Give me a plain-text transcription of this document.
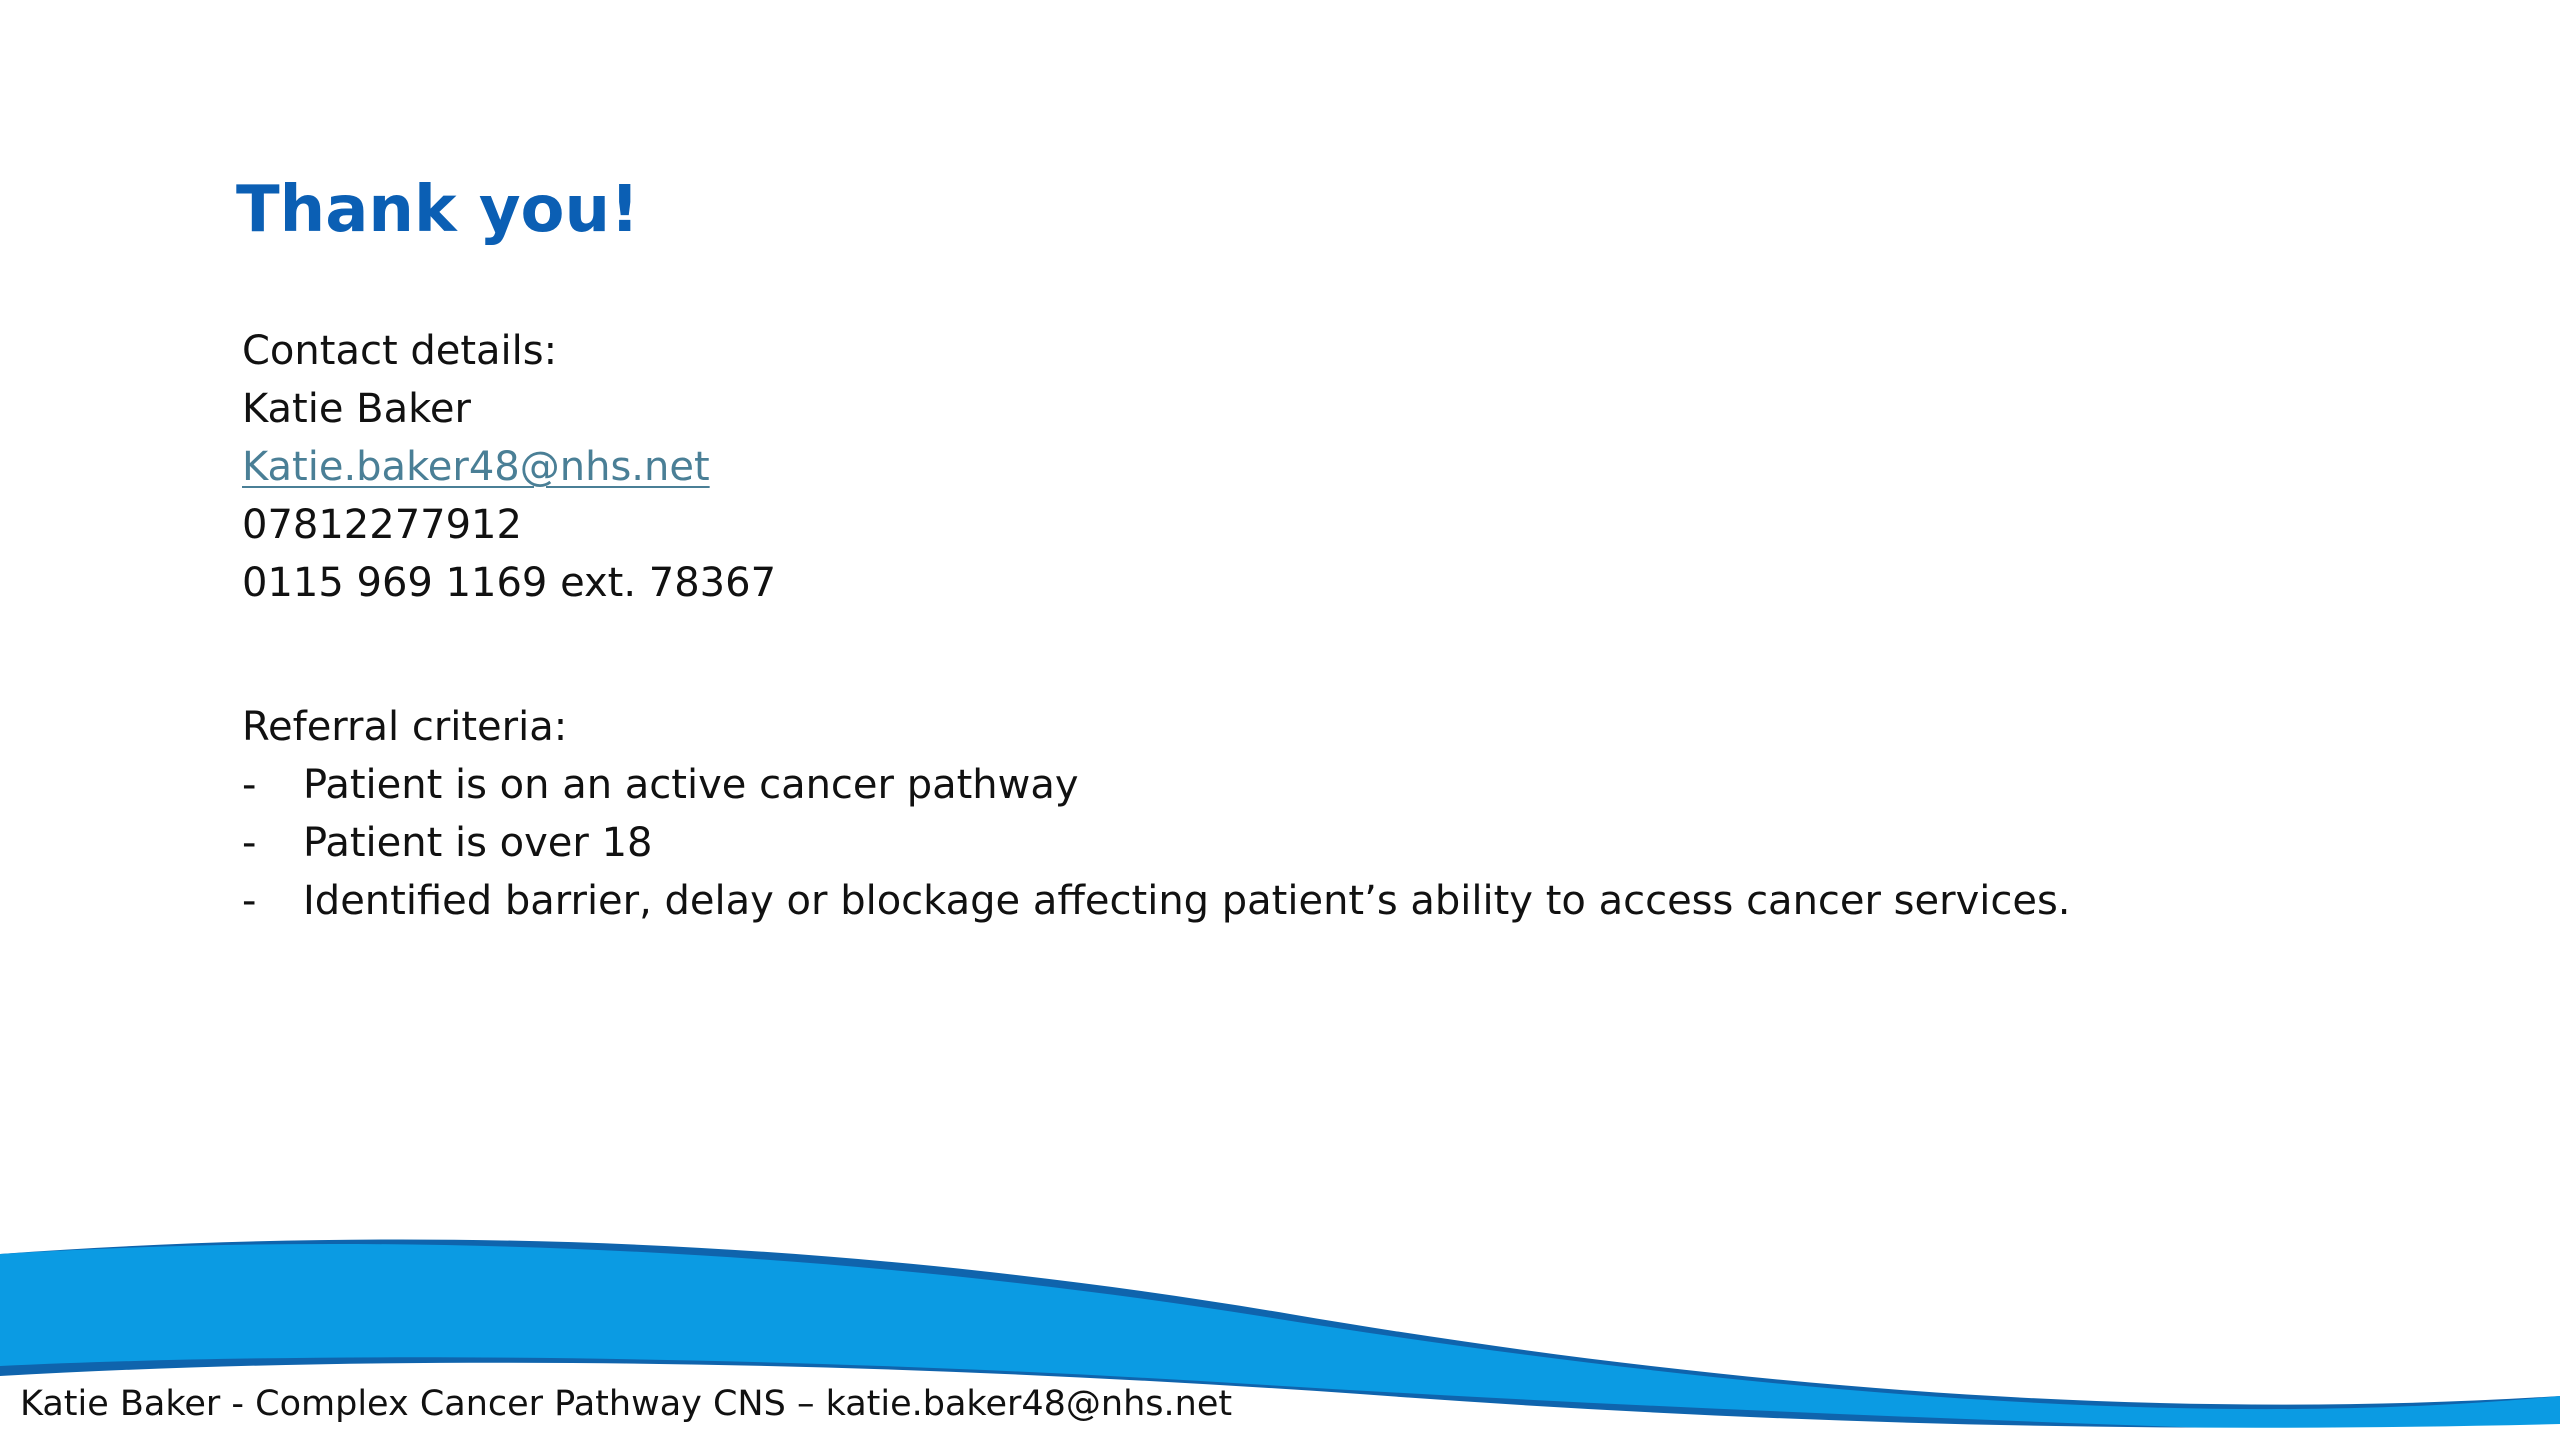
Thank you!
Contact details:
Katie Baker
Katie.baker48@nhs.net
07812277912
0115 969 1169 ext. 78367
Referral criteria:
-	Patient is on an active cancer pathway
-	Patient is over 18
-	Identified barrier, delay or blockage affecting patient’s ability to access cancer services.
Katie Baker - Complex Cancer Pathway CNS – katie.baker48@nhs.net
